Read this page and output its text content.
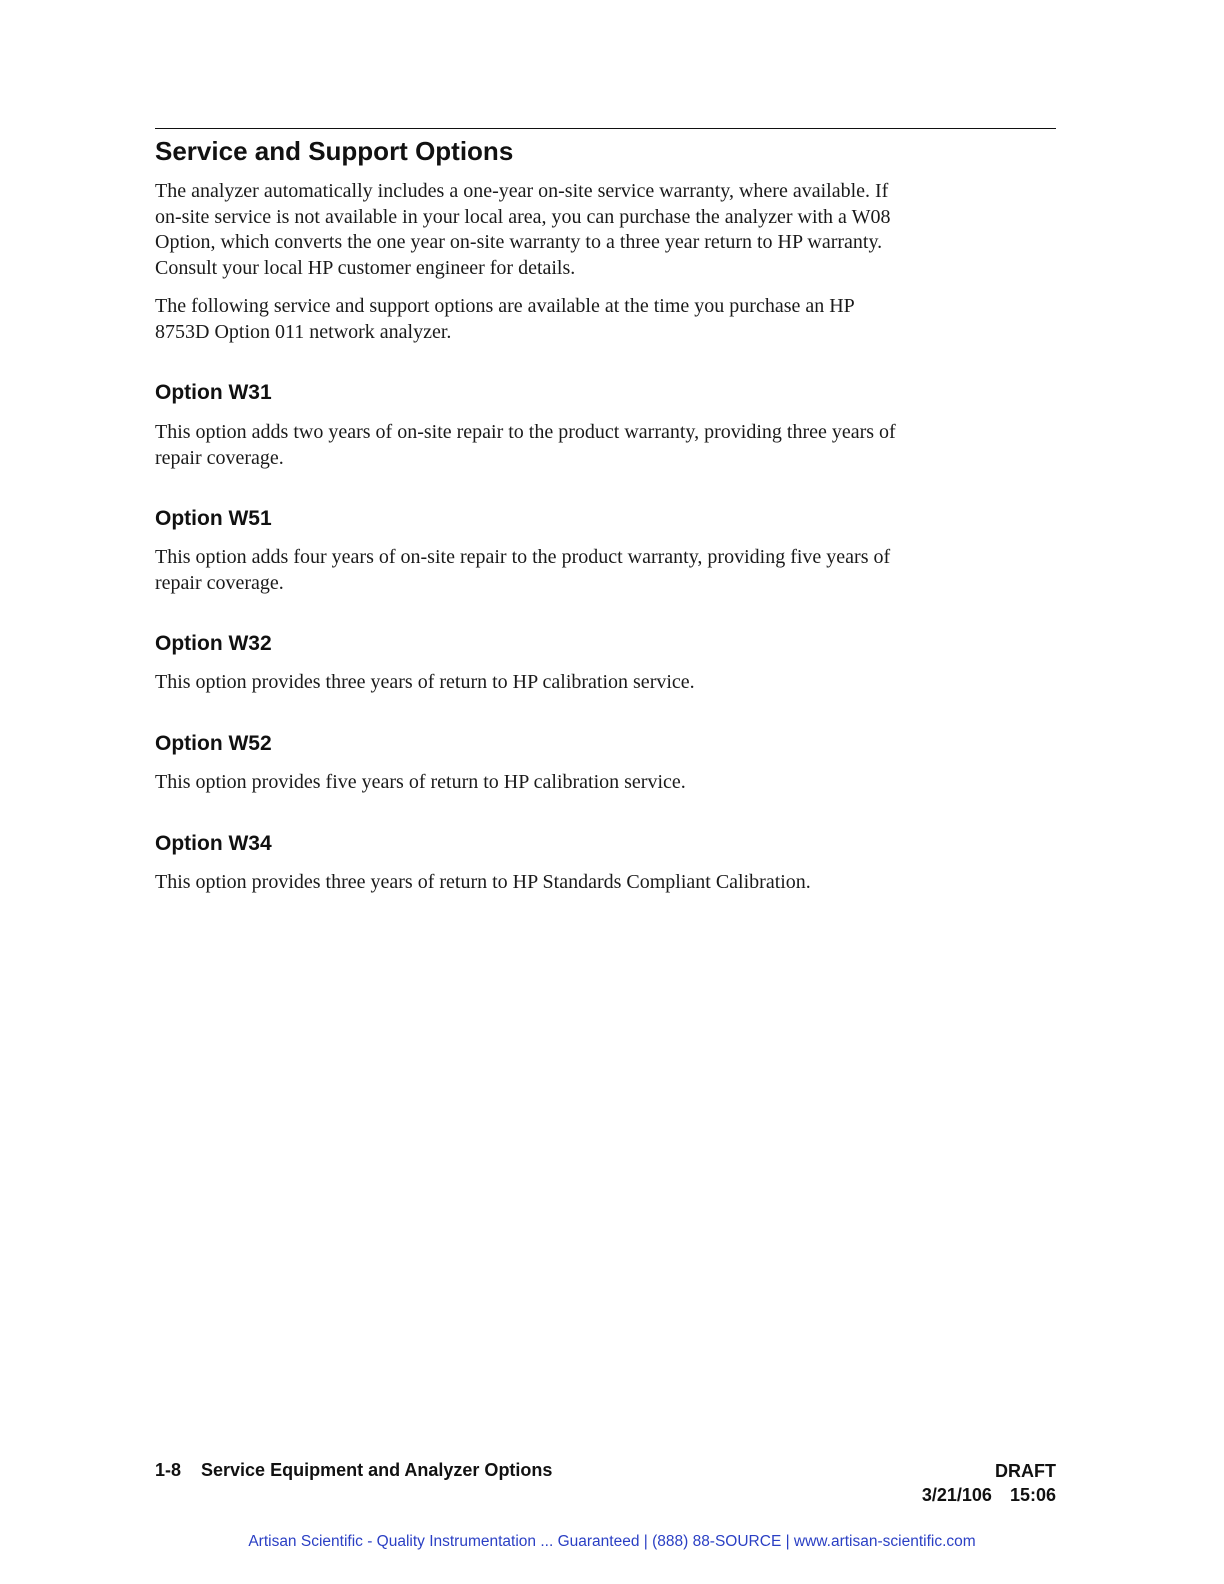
Service and Support Options

The analyzer automatically includes a one-year on-site service warranty, where available. If
on-site service is not available in your local area, you can purchase the analyzer with a W08
Option, which converts the one year on-site warranty to a three year return to HP warranty.
Consult your local HP customer engineer for details.

The following service and support options are available at the time you purchase an HP
8753D Option 011 network analyzer.

Option W31

This option adds two years of on-site repair to the product warranty, providing three years of
repair coverage.

Option W51

This option adds four years of on-site repair to the product warranty, providing five years of
repair coverage.

Option W32

This option provides three years of return to HP calibration service.

Option W52

This option provides five years of return to HP calibration service.

Option W34

This option provides three years of return to HP Standards Compliant Calibration.

1-8 Service Equipment and Analyzer Options	DRAFT
3/21/106 15:06
Artisan Scientific - Quality Instrumentation ... Guaranteed | (888) 88-SOURCE | www.artisan-scientific.com
